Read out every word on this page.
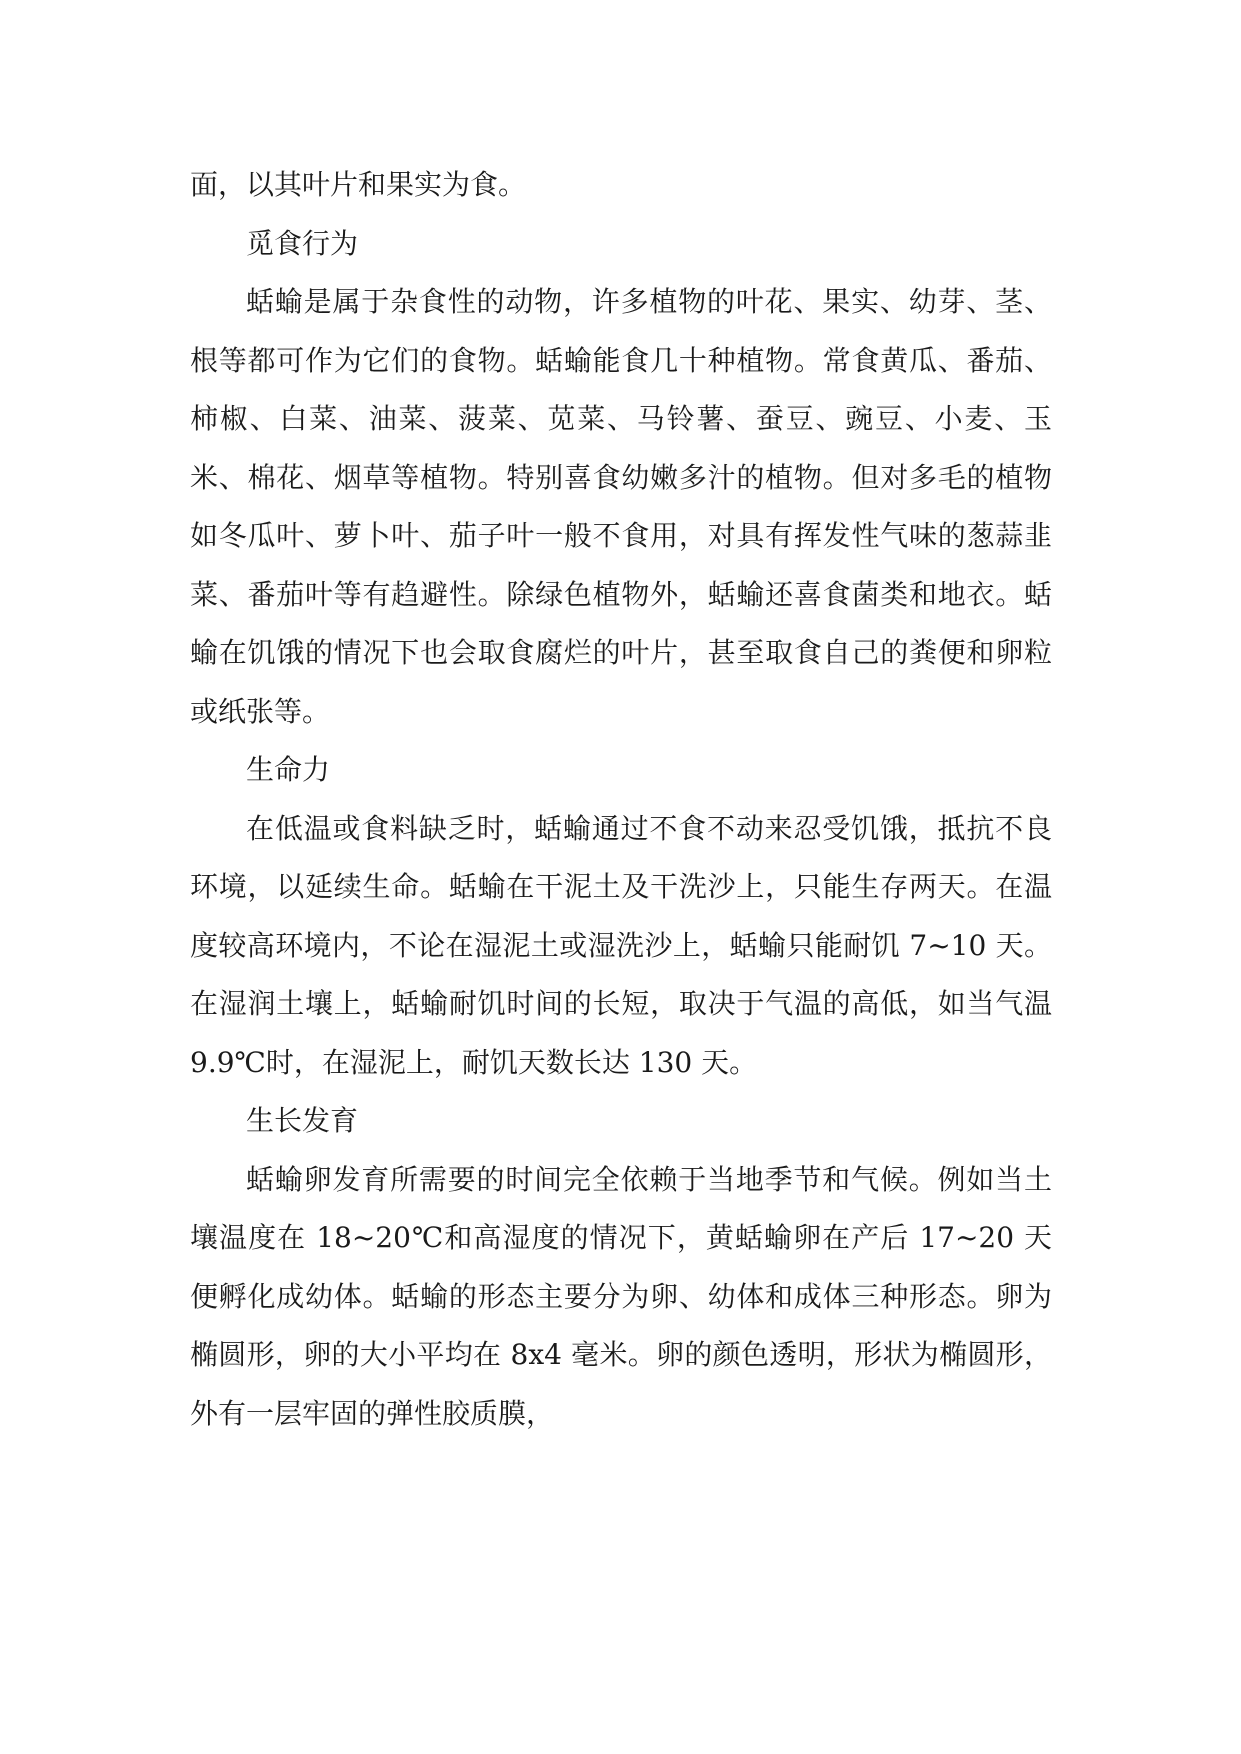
面，以其叶片和果实为食。

觅食行为

蛞蝓是属于杂食性的动物，许多植物的叶花、果实、幼芽、茎、根等都可作为它们的食物。蛞蝓能食几十种植物。常食黄瓜、番茄、柿椒、白菜、油菜、菠菜、苋菜、马铃薯、蚕豆、豌豆、小麦、玉米、棉花、烟草等植物。特别喜食幼嫩多汁的植物。但对多毛的植物如冬瓜叶、萝卜叶、茄子叶一般不食用，对具有挥发性气味的葱蒜韭菜、番茄叶等有趋避性。除绿色植物外，蛞蝓还喜食菌类和地衣。蛞蝓在饥饿的情况下也会取食腐烂的叶片，甚至取食自己的粪便和卵粒或纸张等。

生命力

在低温或食料缺乏时，蛞蝓通过不食不动来忍受饥饿，抵抗不良环境，以延续生命。蛞蝓在干泥土及干洗沙上，只能生存两天。在温度较高环境内，不论在湿泥土或湿洗沙上，蛞蝓只能耐饥 7~10 天。在湿润土壤上，蛞蝓耐饥时间的长短，取决于气温的高低，如当气温 9.9℃时，在湿泥上，耐饥天数长达 130 天。

生长发育

蛞蝓卵发育所需要的时间完全依赖于当地季节和气候。例如当土壤温度在 18~20℃和高湿度的情况下，黄蛞蝓卵在产后 17~20 天便孵化成幼体。蛞蝓的形态主要分为卵、幼体和成体三种形态。卵为椭圆形，卵的大小平均在 8x4 毫米。卵的颜色透明，形状为椭圆形，外有一层牢固的弹性胶质膜，
